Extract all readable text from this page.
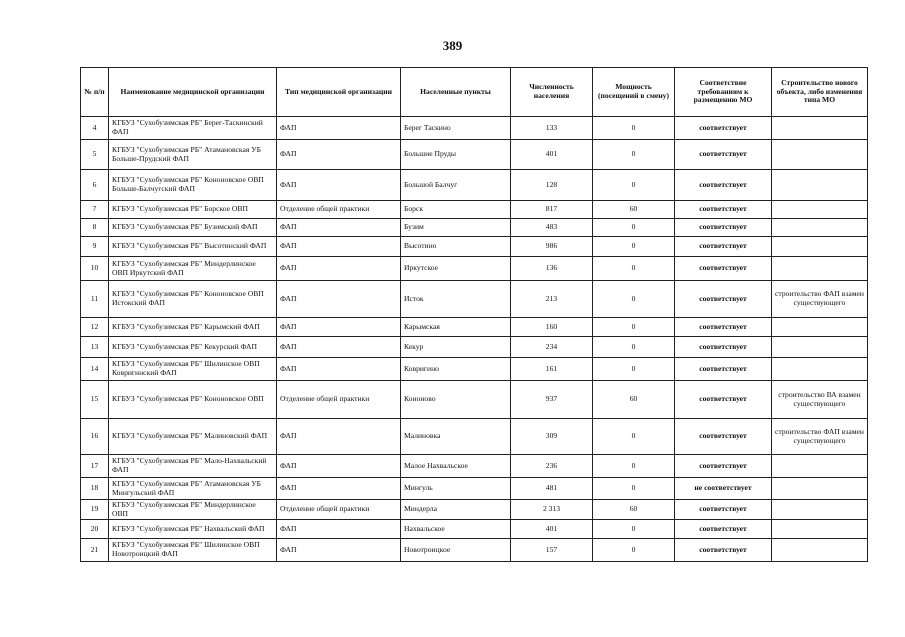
389
№ п/п	Наименование медицинской организации	Тип медицинской организации	Населенные пункты	Численность населения	Мощность (посещений в смену)	Соответствие требованиям к размещению МО	Строительство нового объекта, либо изменения типа МО
4	КГБУЗ "Сухобузимская РБ" Берег-Таскинский ФАП	ФАП	Берег Таскино	133	0	соответствует	
5	КГБУЗ "Сухобузимская РБ" Атамановская УБ Больше-Прудский ФАП	ФАП	Большие Пруды	401	0	соответствует	
6	КГБУЗ "Сухобузимская РБ" Кононовское ОВП Больше-Балчугский ФАП	ФАП	Большой Балчуг	128	0	соответствует	
7	КГБУЗ "Сухобузимская РБ" Борское ОВП	Отделение общей практики	Борск	817	60	соответствует	
8	КГБУЗ "Сухобузимская РБ" Бузимский ФАП	ФАП	Бузим	483	0	соответствует	
9	КГБУЗ "Сухобузимская РБ" Высотинский ФАП	ФАП	Высотино	986	0	соответствует	
10	КГБУЗ "Сухобузимская РБ" Миндерлинское ОВП Иркутский ФАП	ФАП	Иркутское	136	0	соответствует	
11	КГБУЗ "Сухобузимская РБ" Кононовское ОВП Истокский ФАП	ФАП	Исток	213	0	соответствует	строительство ФАП взамен существующего
12	КГБУЗ "Сухобузимская РБ" Карымский ФАП	ФАП	Карымская	160	0	соответствует	
13	КГБУЗ "Сухобузимская РБ" Кекурский ФАП	ФАП	Кекур	234	0	соответствует	
14	КГБУЗ "Сухобузимская РБ" Шилинское ОВП Ковригинский ФАП	ФАП	Ковригино	161	0	соответствует	
15	КГБУЗ "Сухобузимская РБ" Кононовское ОВП	Отделение общей практики	Кононово	937	60	соответствует	строительство ВА взамен существующего
16	КГБУЗ "Сухобузимская РБ" Малиновский ФАП	ФАП	Малиновка	309	0	соответствует	строительство ФАП взамен существующего
17	КГБУЗ "Сухобузимская РБ" Мало-Нахвальский ФАП	ФАП	Малое Нахвальское	236	0	соответствует	
18	КГБУЗ "Сухобузимская РБ" Атамановская УБ Мингульский ФАП	ФАП	Мингуль	481	0	не соответствует	
19	КГБУЗ "Сухобузимская РБ" Миндерлинское ОВП	Отделение общей практики	Миндерла	2 313	60	соответствует	
20	КГБУЗ "Сухобузимская РБ" Нахвальский ФАП	ФАП	Нахвальское	401	0	соответствует	
21	КГБУЗ "Сухобузимская РБ" Шилинское ОВП Новотроицкий ФАП	ФАП	Новотроицкое	157	0	соответствует	
